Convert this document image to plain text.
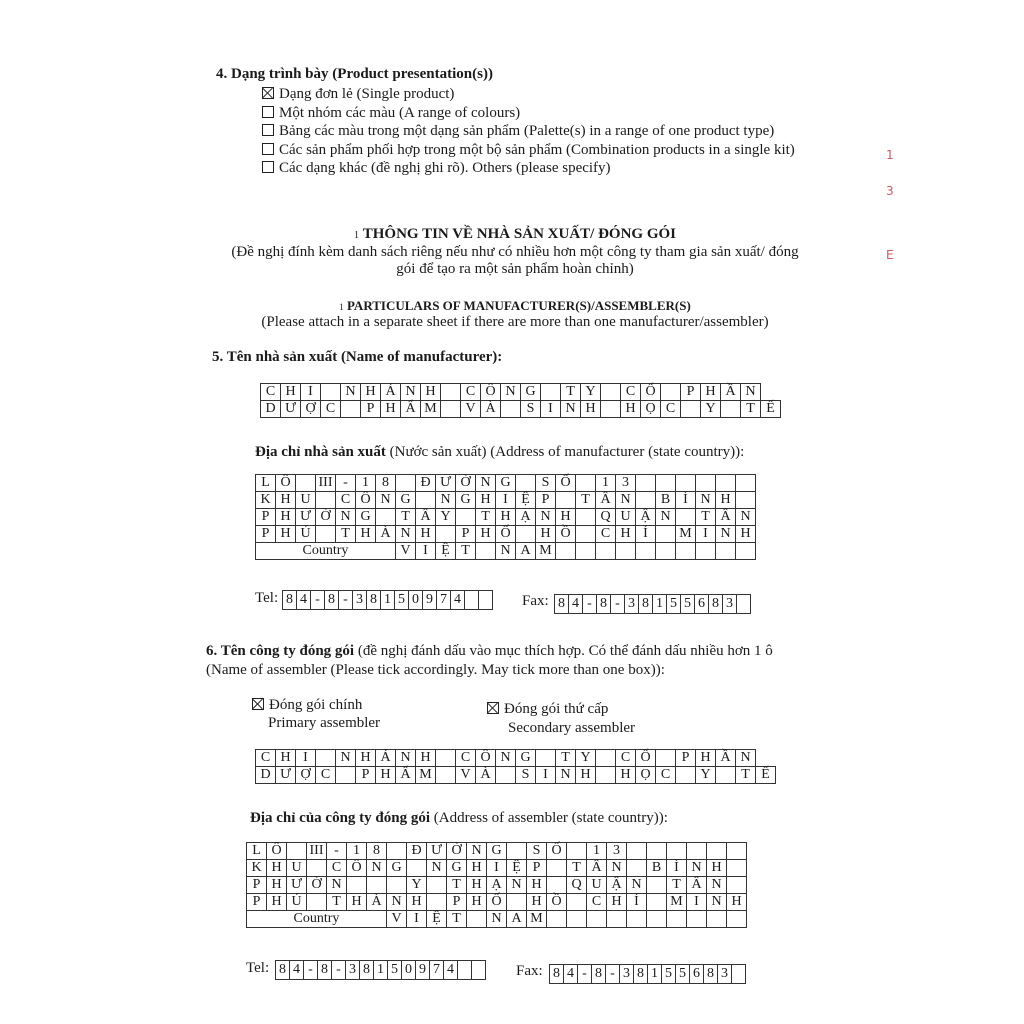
4. Dạng trình bày (Product presentation(s))
Dạng đơn lẻ (Single product)
Một nhóm các màu (A range of colours)
Bảng các màu trong một dạng sản phẩm (Palette(s) in a range of one product type)
Các sản phẩm phối hợp trong một bộ sản phẩm (Combination products in a single kit)
Các dạng khác (đề nghị ghi rõ). Others (please specify)
1 THÔNG TIN VỀ NHÀ SẢN XUẤT/ ĐÓNG GÓI
(Đề nghị đính kèm danh sách riêng nếu như có nhiều hơn một công ty tham gia sản xuất/ đóng
gói để tạo ra một sản phẩm hoàn chỉnh)
1 PARTICULARS OF MANUFACTURER(S)/ASSEMBLER(S)
(Please attach in a separate sheet if there are more than one manufacturer/assembler)
5. Tên nhà sản xuất (Name of manufacturer):
C	H	I		N	H	Á	N	H		C	Ô	N	G		T	Y		C	Ổ		P	H	Ầ	N	
D	Ư	Ợ	C		P	H	Ẩ	M		V	À		S	I	N	H		H	Ọ	C		Y		T	Ế
Địa chỉ nhà sản xuất (Nước sản xuất) (Address of manufacturer (state country)):
L	Ô		III	-	1	8		Đ	Ư	Ờ	N	G		S	Ố		1	3						
K	H	U		C	Ô	N	G		N	G	H	I	Ệ	P		T	Â	N		B	Ì	N	H	
P	H	Ư	Ờ	N	G		T	Â	Y		T	H	Ạ	N	H		Q	U	Ậ	N		T	Â	N
P	H	Ú		T	H	À	N	H		P	H	Ố		H	Ồ		C	H	Í		M	I	N	H
Country							V	I	Ệ	T		N	A	M										
Tel: 8	4	-	8	-	3	8	1	5	0	9	7	4			Fax: 8	4	-	8	-	3	8	1	5	5	6	8	3	
6. Tên công ty đóng gói (đề nghị đánh dấu vào mục thích hợp. Có thể đánh dấu nhiều hơn 1 ô
(Name of assembler (Please tick accordingly. May tick more than one box)):
Đóng gói chính
Primary assembler
Đóng gói thứ cấp
Secondary assembler
C	H	I		N	H	Á	N	H		C	Ô	N	G		T	Y		C	Ổ		P	H	Ầ	N	
D	Ư	Ợ	C		P	H	Ẩ	M		V	À		S	I	N	H		H	Ọ	C		Y		T	Ế
Địa chỉ của công ty đóng gói (Address of assembler (state country)):
L	Ô		III	-	1	8		Đ	Ư	Ờ	N	G		S	Ố		1	3						
K	H	U		C	Ô	N	G		N	G	H	I	Ệ	P		T	Â	N		B	Ì	N	H	
P	H	Ư	Ờ	N				Y		T	H	Ạ	N	H		Q	U	Ậ	N		T	Â	N	
P	H	Ú		T	H	À	N	H		P	H	Ố		H	Ồ		C	H	Í		M	I	N	H
Country							V	I	Ệ	T		N	A	M										
Tel: 8	4	-	8	-	3	8	1	5	0	9	7	4			Fax: 8	4	-	8	-	3	8	1	5	5	6	8	3	
1
3
E
